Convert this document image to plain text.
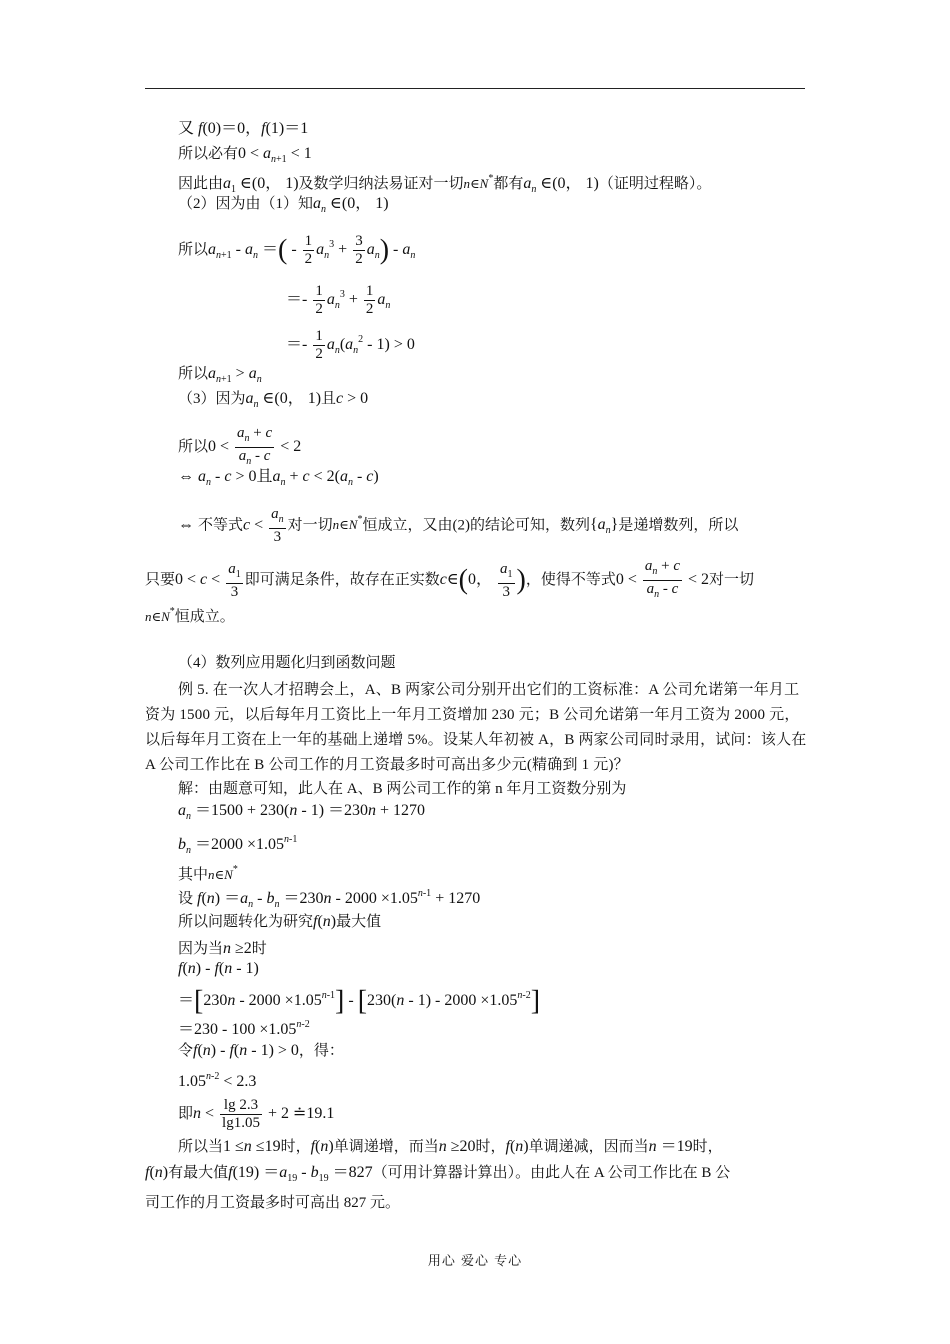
又 f(0)＝0，f(1)＝1
所以必有$0 < a_{n+1} < 1$
因此由$a_1$ ∈(0， 1)及数学归纳法易证对一切n∈N*都有$a_n$ ∈(0， 1)（证明过程略）。
（2）因为由（1）知$a_n$ ∈(0， 1)
所以$a_{n+1} - a_n$ ＝( - $\frac{1}{2} a_n^3 + \frac{3}{2} a_n) - a_n$
＝- $\frac{1}{2} a_n^3 + \frac{1}{2} a_n$
＝- $\frac{1}{2} a_n(a_n^2 - 1) > 0$
所以$a_{n+1} > a_n$
（3）因为$a_n$ ∈(0， 1)且c > 0
所以$0 < \frac{a_n + c}{a_n - c} < 2$
⇔ $a_n - c > 0$且$a_n + c < 2(a_n - c)$
⇔ 不等式$c < \frac{a_n}{3}$ 对一切n∈N*恒成立，又由(2)的结论可知，数列$\{a_n\}$是递增数列，所以
只要$0 < c < \frac{a_1}{3}$ 即可满足条件，故存在正实数c∈(0， $\frac{a_1}{3}$ )，使得不等式$0 < \frac{a_n + c}{a_n - c} < 2$对一切
n∈N*恒成立。
（4）数列应用题化归到函数问题
例 5. 在一次人才招聘会上，A、B 两家公司分别开出它们的工资标准：A 公司允诺第一年月工资为 1500 元，以后每年月工资比上一年月工资增加 230 元；B 公司允诺第一年月工资为 2000 元，以后每年月工资在上一年的基础上递增 5%。设某人年初被 A，B 两家公司同时录用，试问：该人在 A 公司工作比在 B 公司工作的月工资最多时可高出多少元(精确到 1 元)？
解：由题意可知，此人在 A、B 两公司工作的第 n 年月工资数分别为
$a_n =1500 + 230(n - 1) =230n + 1270$
$b_n =2000 \times 1.05^{n-1}$
其中n∈N*
设 $f(n) =a_n - b_n =230n - 2000 \times 1.05^{n-1} + 1270$
所以问题转化为研究f(n)最大值
因为当n ≥2时
f(n) - f(n - 1)
$=[230n - 2000 \times 1.05^{n-1}] - [230(n - 1) - 2000 \times 1.05^{n-2}]$
$=230 - 100 \times 1.05^{n-2}$
令f(n) - f(n - 1) > 0，得：
$1.05^{n-2} < 2.3$
即$n < \frac{\lg 2.3}{\lg 1.05} + 2$ ≐19.1
所以当1 ≤n ≤19时，f(n)单调递增，而当n ≥20时，f(n)单调递减，因而当n ＝19时，
f(n)有最大值$f(19) =a_{19} - b_{19} =827$（可用计算器计算出）。由此人在 A 公司工作比在 B 公
司工作的月工资最多时可高出 827 元。
用心 爱心 专心
